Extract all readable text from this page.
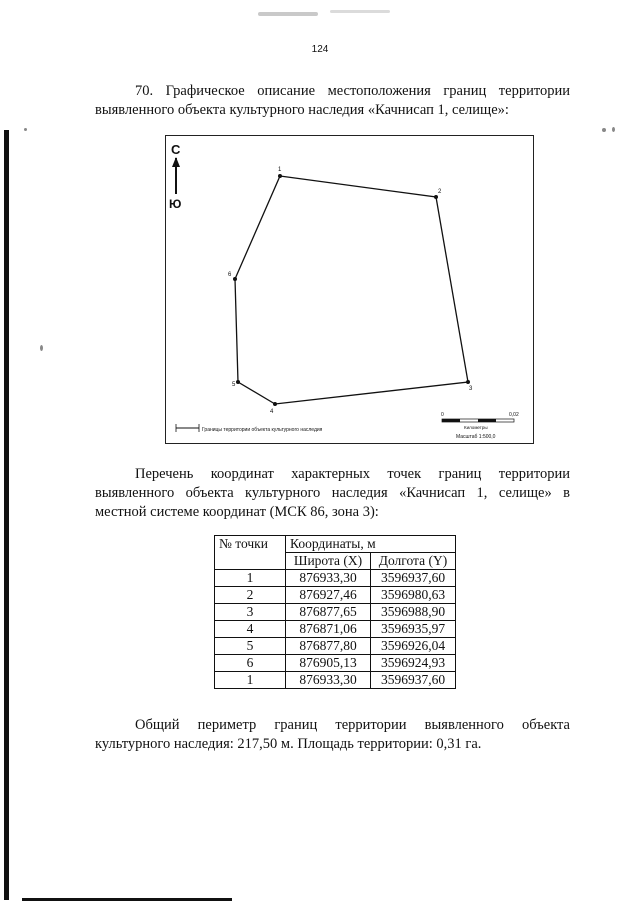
124
70. Графическое описание местоположения границ территории
выявленного объекта культурного наследия «Качнисап 1, селище»:
С
Ю
1
2
3
4
5
6
Границы территории объекта культурного наследия
0	0,02
Километры
Масштаб 1:500,0
Перечень координат характерных точек границ территории
выявленного объекта культурного наследия «Качнисап 1, селище» в
местной системе координат (МСК 86, зона 3):
№ точки	Координаты, м	
	Широта (X)	Долгота (Y)
1	876933,30	3596937,60
2	876927,46	3596980,63
3	876877,65	3596988,90
4	876871,06	3596935,97
5	876877,80	3596926,04
6	876905,13	3596924,93
1	876933,30	3596937,60
Общий периметр границ территории выявленного объекта
культурного наследия: 217,50 м. Площадь территории: 0,31 га.
